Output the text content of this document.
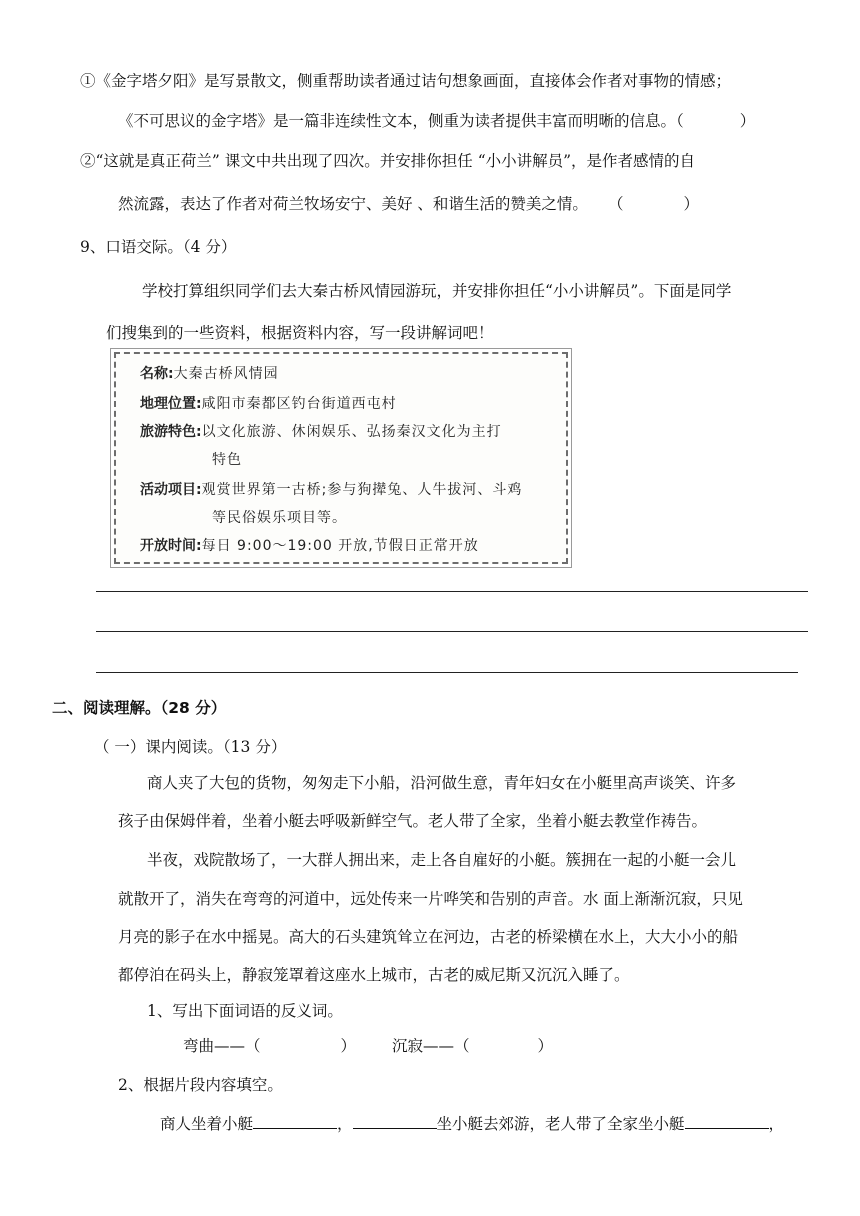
①《金字塔夕阳》是写景散文，侧重帮助读者通过诘句想象画面，直接体会作者对事物的情感；
《不可思议的金字塔》是一篇非连续性文本，侧重为读者提供丰富而明晰的信息。（	）
②“这就是真正荷兰” 课文中共出现了四次。并安排你担任 “小小讲解员”，是作者感情的自
然流露，表达了作者对荷兰牧场安宁、美好 、和谐生活的赞美之情。 （	）
9、口语交际。（4 分）
学校打算组织同学们去大秦古桥风情园游玩，并安排你担任“小小讲解员”。下面是同学
们搜集到的一些资料，根据资料内容，写一段讲解词吧！
名称:大秦古桥风情园
地理位置:咸阳市秦都区钓台街道西屯村
旅游特色:以文化旅游、休闲娱乐、弘扬秦汉文化为主打
特色
活动项目:观赏世界第一古桥;参与狗撵兔、人牛拔河、斗鸡
等民俗娱乐项目等。
开放时间:每日 9:00～19:00 开放,节假日正常开放
二、阅读理解。（28 分）
（ 一）课内阅读。（13 分）
商人夹了大包的货物，匆匆走下小船，沿河做生意，青年妇女在小艇里高声谈笑、许多
孩子由保姆伴着，坐着小艇去呼吸新鲜空气。老人带了全家，坐着小艇去教堂作祷告。
半夜，戏院散场了，一大群人拥出来，走上各自雇好的小艇。簇拥在一起的小艇一会儿
就散开了，消失在弯弯的河道中，远处传来一片哗笑和告别的声音。水 面上渐渐沉寂，只见
月亮的影子在水中摇晃。高大的石头建筑耸立在河边，古老的桥梁横在水上，大大小小的船
都停泊在码头上，静寂笼罩着这座水上城市，古老的威尼斯又沉沉入睡了。
1、写出下面词语的反义词。
弯曲——（	） 沉寂——（	）
2、根据片段内容填空。
商人坐着小艇	，	坐小艇去郊游，老人带了全家坐小艇	，
